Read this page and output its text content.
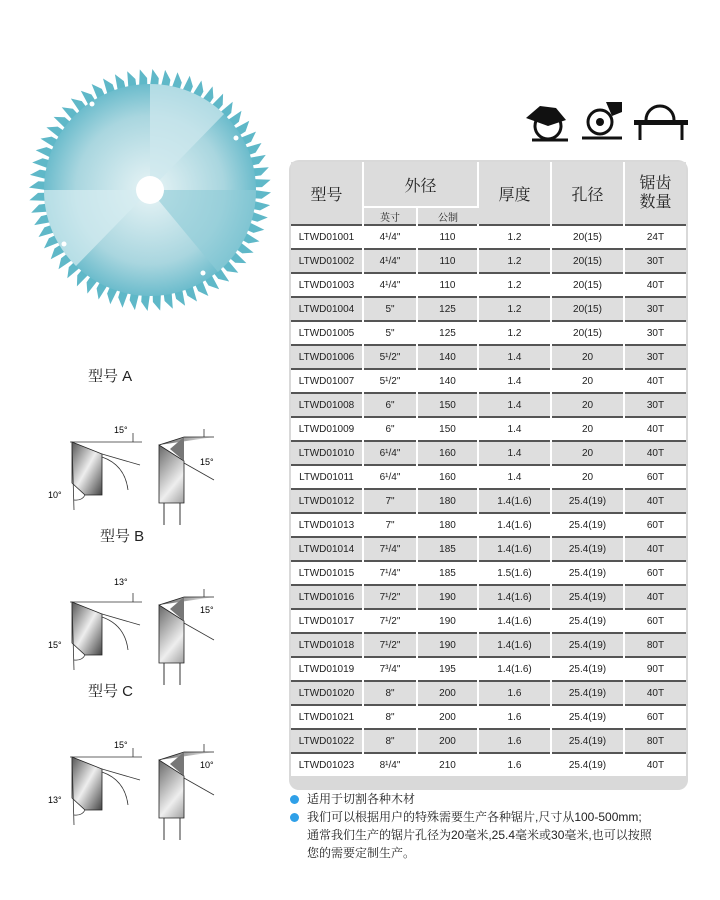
型号	外径		厚度	孔径	锯齿
数量
	英寸	公制			
LTWD01001	4¹/4"	110	1.2	20(15)	24T
LTWD01002	4¹/4"	110	1.2	20(15)	30T
LTWD01003	4¹/4"	110	1.2	20(15)	40T
LTWD01004	5"	125	1.2	20(15)	30T
LTWD01005	5"	125	1.2	20(15)	30T
LTWD01006	5¹/2"	140	1.4	20	30T
LTWD01007	5¹/2"	140	1.4	20	40T
LTWD01008	6"	150	1.4	20	30T
LTWD01009	6"	150	1.4	20	40T
LTWD01010	6¹/4"	160	1.4	20	40T
LTWD01011	6¹/4"	160	1.4	20	60T
LTWD01012	7"	180	1.4(1.6)	25.4(19)	40T
LTWD01013	7"	180	1.4(1.6)	25.4(19)	60T
LTWD01014	7¹/4"	185	1.4(1.6)	25.4(19)	40T
LTWD01015	7¹/4"	185	1.5(1.6)	25.4(19)	60T
LTWD01016	7¹/2"	190	1.4(1.6)	25.4(19)	40T
LTWD01017	7¹/2"	190	1.4(1.6)	25.4(19)	60T
LTWD01018	7¹/2"	190	1.4(1.6)	25.4(19)	80T
LTWD01019	7³/4"	195	1.4(1.6)	25.4(19)	90T
LTWD01020	8"	200	1.6	25.4(19)	40T
LTWD01021	8"	200	1.6	25.4(19)	60T
LTWD01022	8"	200	1.6	25.4(19)	80T
LTWD01023	8¹/4"	210	1.6	25.4(19)	40T
适用于切割各种木材
我们可以根据用户的特殊需要生产各种锯片,尺寸从100-500mm;
通常我们生产的锯片孔径为20毫米,25.4毫米或30毫米,也可以按照
您的需要定制生产。
型号 A
15°
15°
10°
型号 B
13°
15°
15°
型号 C
15°
10°
13°
